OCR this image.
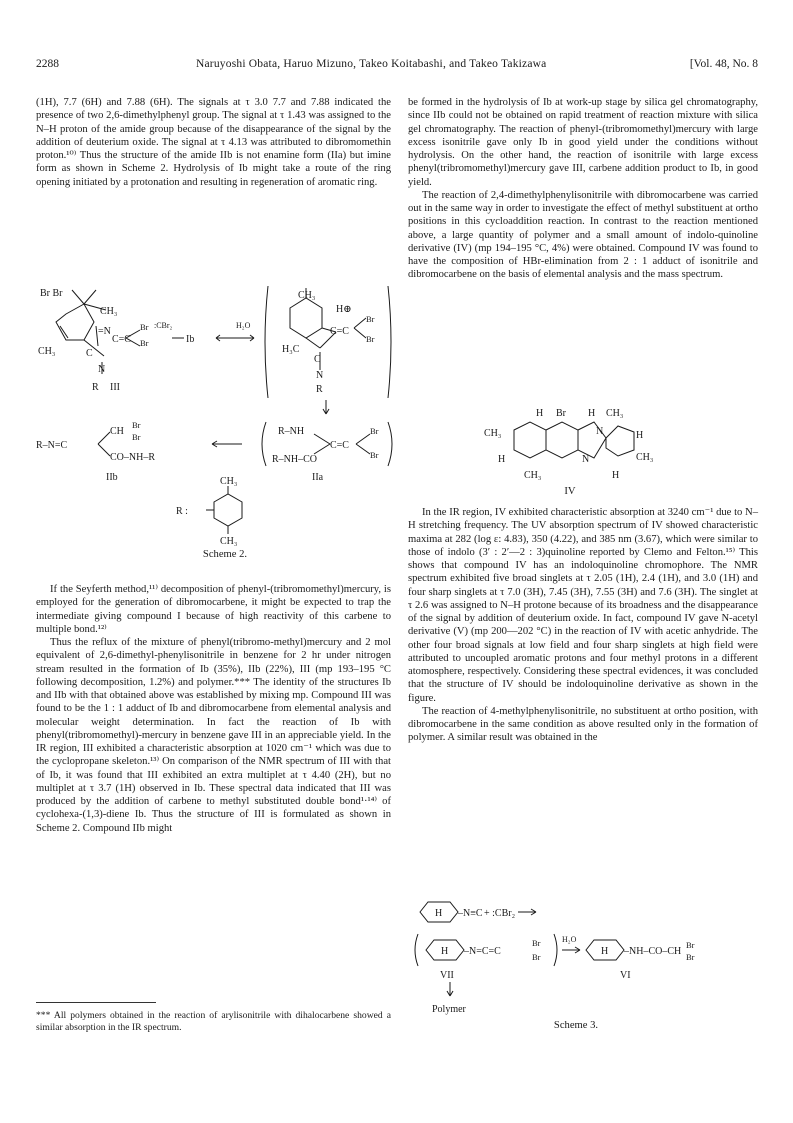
2288	Naruyoshi Obata, Haruo Mizuno, Takeo Koitabashi, and Takeo Takizawa	[Vol. 48, No. 8

(1H), 7.7 (6H) and 7.88 (6H). The signals at τ 3.0 7.7 and 7.88 indicated the presence of two 2,6-dimethylphenyl group. The signal at τ 1.43 was assigned to the N–H proton of the amide group because of the disappearance of the signal by the addition of deuterium oxide. The signal at τ 4.13 was attributed to dibromomethin proton.¹⁰⁾ Thus the structure of the amide IIb is not enamine form (IIa) but imine form as shown in Scheme 2. Hydrolysis of Ib might take a route of the ring opening initiated by a protonation and resulting in regeneration of aromatic ring.

Br Br
CH₃
=N
C=C
Br
Br
:CBr₂
Ib
H₂O
CH₃	C
N
R III
CH₃
H⊕
C=C
Br
Br
H₃C
C
N
R
R–N=C
CH
Br
Br
CO–NH–R
IIb
R–NH
C=C
Br
Br
R–NH–CO
IIa
R :
CH₃
CH₃
Scheme 2.

If the Seyferth method,¹¹⁾ decomposition of phenyl-(tribromomethyl)mercury, is employed for the generation of dibromocarbene, it might be expected to trap the intermediate giving compound I because of high reactivity of this carbene to multiple bond.¹²⁾

Thus the reflux of the mixture of phenyl(tribromo-methyl)mercury and 2 mol equivalent of 2,6-dimethyl-phenylisonitrile in benzene for 2 hr under nitrogen stream resulted in the formation of Ib (35%), IIb (22%), III (mp 193–195 °C following decomposition, 1.2%) and polymer.*** The identity of the structures Ib and IIb with that obtained above was established by mixing mp. Compound III was found to be the 1 : 1 adduct of Ib and dibromocarbene from elemental analysis and molecular weight determination. In fact the reaction of Ib with phenyl(tribromomethyl)-mercury in benzene gave III in an appreciable yield. In the IR region, III exhibited a characteristic absorption at 1020 cm⁻¹ which was due to the cyclopropane skeleton.¹³⁾ On comparison of the NMR spectrum of III with that of Ib, it was found that III exhibited an extra multiplet at τ 4.40 (2H), but no multiplet at τ 3.7 (1H) observed in Ib. These spectral data indicated that III was produced by the addition of carbene to methyl substituted double bond¹·¹⁴⁾ of cyclohexa-(1,3)-diene Ib. Thus the structure of III is formulated as shown in Scheme 2. Compound IIb might

*** All polymers obtained in the reaction of arylisonitrile with dihalocarbene showed a similar absorption in the IR spectrum.

be formed in the hydrolysis of Ib at work-up stage by silica gel chromatography, since IIb could not be obtained on rapid treatment of reaction mixture with silica gel chromatography. The reaction of phenyl-(tribromomethyl)mercury with large excess isonitrile gave only Ib in good yield under the conditions without hydrolysis. On the other hand, the reaction of isonitrile with large excess phenyl(tribromomethyl)mercury gave III, carbene addition product to Ib, in good yield.

The reaction of 2,4-dimethylphenylisonitrile with dibromocarbene was carried out in the same way in order to investigate the effect of methyl substituent at ortho positions in this cycloaddition reaction. In contrast to the reaction mentioned above, a large quantity of polymer and a small amount of indolo-quinoline derivative (IV) (mp 194–195 °C, 4%) were obtained. Compound IV was found to have the composition of HBr-elimination from 2 : 1 adduct of isonitrile and dibromocarbene on the basis of elemental analysis and the mass spectrum.

H Br H CH₃
CH₃	N	H
H	N	CH₃
CH₃	H
IV

In the IR region, IV exhibited characteristic absorption at 3240 cm⁻¹ due to N–H stretching frequency. The UV absorption spectrum of IV showed characteristic maxima at 282 (log ε: 4.83), 350 (4.22), and 385 nm (3.67), which were similar to those of indolo (3′ : 2′—2 : 3)quinoline reported by Clemo and Felton.¹⁵⁾ This shows that compound IV has an indoloquinoline chromophore. The NMR spectrum exhibited five broad singlets at τ 2.05 (1H), 2.4 (1H), and 3.0 (1H) and four sharp singlets at τ 7.0 (3H), 7.45 (3H), 7.55 (3H) and 7.6 (3H). The singlet at τ 2.6 was assigned to N–H protone because of its broadness and the disappearance of the signal by addition of deuterium oxide. In fact, compound IV gave N-acetyl derivative (V) (mp 200—202 °C) in the reaction of IV with acetic anhydride. The other four broad signals at low field and four sharp singlets at high field were attributed to uncoupled aromatic protons and four methyl protons in a different atomosphere, respectively. Considering these spectral evidences, it was concluded that the structure of IV should be indoloquinoline derivative as shown in the figure.

The reaction of 4-methylphenylisonitrile, no substituent at ortho position, with dibromocarbene in the same condition as above resulted only in the formation of polymer. A similar result was obtained in the

H –N≡C + :CBr₂
H –N=C=C
Br
Br
H₂O
H –NH–CO–CH
Br
Br
VII	VI
Polymer
Scheme 3.
